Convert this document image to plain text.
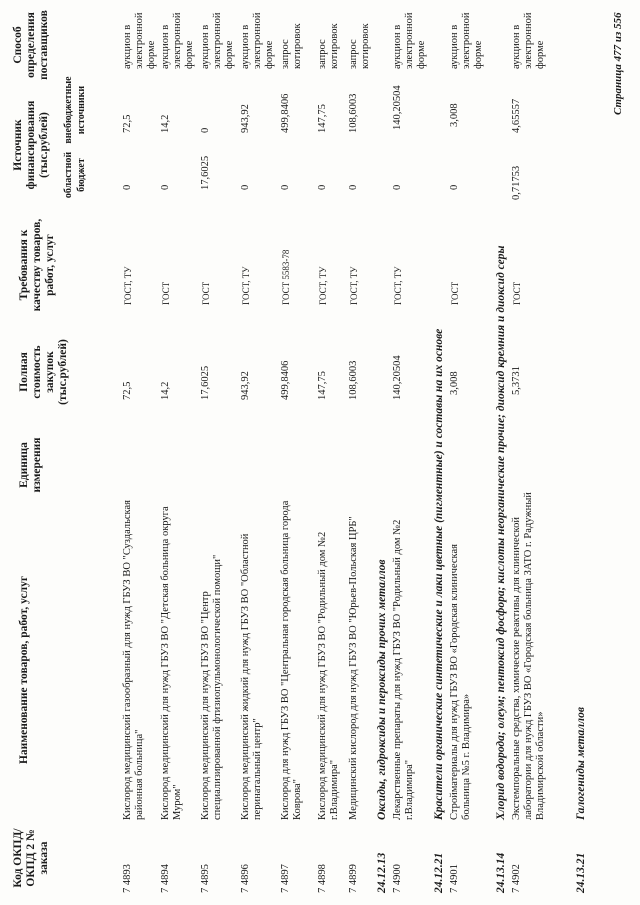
Код ОКПД/ ОКПД 2 № заказа
Наименование товаров, работ, услуг
Единица измерения
Полная стоимость закупок (тыс.рублей)
Требования к качеству товаров, работ, услуг
Источник финансирования (тыс.рублей) областной бюджет
внебюджетные источники
Способ определения поставщиков
7 4893
Кислород медицинский газообразный для нужд ГБУЗ ВО "Суздальская районная больница"
72,5
ГОСТ, ТУ
0
72,5
аукцион в электронной форме
7 4894
Кислород медицинский для нужд ГБУЗ ВО "Детская больница округа Муром"
14,2
ГОСТ
0
14,2
аукцион в электронной форме
7 4895
Кислород медицинский для нужд ГБУЗ ВО "Центр специализированной фтизиопульмонологической помощи"
17,6025
ГОСТ
17,6025
0
аукцион в электронной форме
7 4896
Кислород медицинский жидкий для нужд ГБУЗ ВО "Областной перинатальный центр"
943,92
ГОСТ, ТУ
0
943,92
аукцион в электронной форме
7 4897
Кислород для нужд ГБУЗ ВО "Центральная городская больница города Коврова"
499,8406
ГОСТ 5583-78
0
499,8406
запрос котировок
7 4898
Кислород медицинский для нужд ГБУЗ ВО "Родильный дом №2 г.Владимира"
147,75
ГОСТ, ТУ
0
147,75
запрос котировок
7 4899
Медицинский кислород для нужд ГБУЗ ВО "Юрьев-Польская ЦРБ"
108,6003
ГОСТ, ТУ
0
108,6003
запрос котировок
24.12.13
Оксиды, гидроксиды и пероксиды прочих металлов
7 4900
Лекарственные препараты для нужд ГБУЗ ВО "Родильный дом №2 г.Владимира"
140,20504
ГОСТ, ТУ
0
140,20504
аукцион в электронной форме
24.12.21
Красители органические синтетические и лаки цветные (пигментные) и составы на их основе
7 4901
Стройматериалы для нужд ГБУЗ ВО «Городская клиническая больница №5 г. Владимира»
3,008
ГОСТ
0
3,008
аукцион в электронной форме
24.13.14
Хлорид водорода; олеум; пентоксид фосфора; кислоты неорганические прочие; диоксид кремния и диоксид серы
7 4902
Экстемпоральные средства, химические реактивы для клинической лаборатории для нужд ГБУЗ ВО «Городская больница ЗАТО г. Радужный Владимирской области»
5,3731
ГОСТ
0,71753
4,65557
аукцион в электронной форме
24.13.21
Галогениды металлов
Страница 477 из 556
